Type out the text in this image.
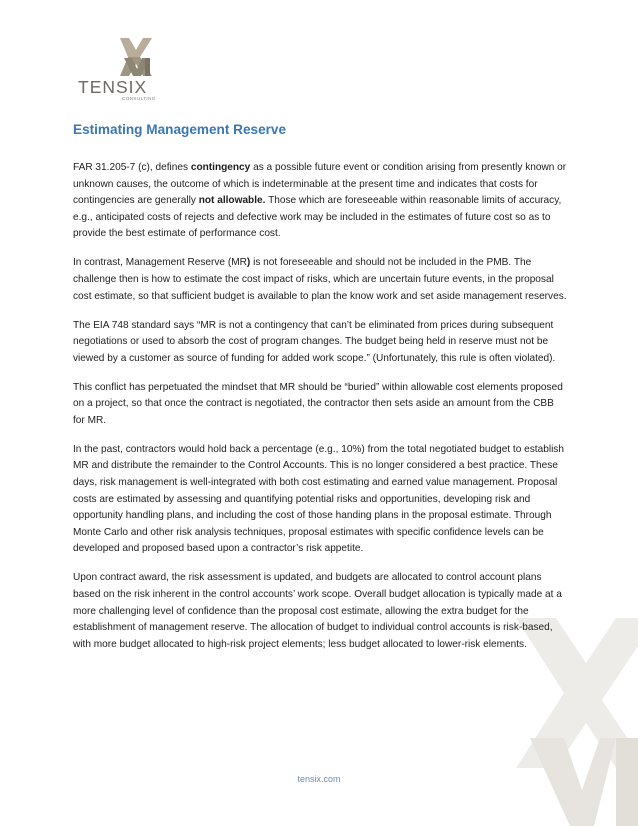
TENSIX
CONSULTING
Estimating Management Reserve

FAR 31.205-7 (c), defines contingency as a possible future event or condition arising from presently known or unknown causes, the outcome of which is indeterminable at the present time and indicates that costs for contingencies are generally not allowable. Those which are foreseeable within reasonable limits of accuracy, e.g., anticipated costs of rejects and defective work may be included in the estimates of future cost so as to provide the best estimate of performance cost.

In contrast, Management Reserve (MR) is not foreseeable and should not be included in the PMB. The challenge then is how to estimate the cost impact of risks, which are uncertain future events, in the proposal cost estimate, so that sufficient budget is available to plan the know work and set aside management reserves.

The EIA 748 standard says “MR is not a contingency that can’t be eliminated from prices during subsequent negotiations or used to absorb the cost of program changes. The budget being held in reserve must not be viewed by a customer as source of funding for added work scope.” (Unfortunately, this rule is often violated).

This conflict has perpetuated the mindset that MR should be “buried” within allowable cost elements proposed on a project, so that once the contract is negotiated, the contractor then sets aside an amount from the CBB for MR.

In the past, contractors would hold back a percentage (e.g., 10%) from the total negotiated budget to establish MR and distribute the remainder to the Control Accounts. This is no longer considered a best practice. These days, risk management is well-integrated with both cost estimating and earned value management. Proposal costs are estimated by assessing and quantifying potential risks and opportunities, developing risk and opportunity handling plans, and including the cost of those handing plans in the proposal estimate. Through Monte Carlo and other risk analysis techniques, proposal estimates with specific confidence levels can be developed and proposed based upon a contractor’s risk appetite.

Upon contract award, the risk assessment is updated, and budgets are allocated to control account plans based on the risk inherent in the control accounts’ work scope. Overall budget allocation is typically made at a more challenging level of confidence than the proposal cost estimate, allowing the extra budget for the establishment of management reserve. The allocation of budget to individual control accounts is risk-based, with more budget allocated to high-risk project elements; less budget allocated to lower-risk elements.

tensix.com
